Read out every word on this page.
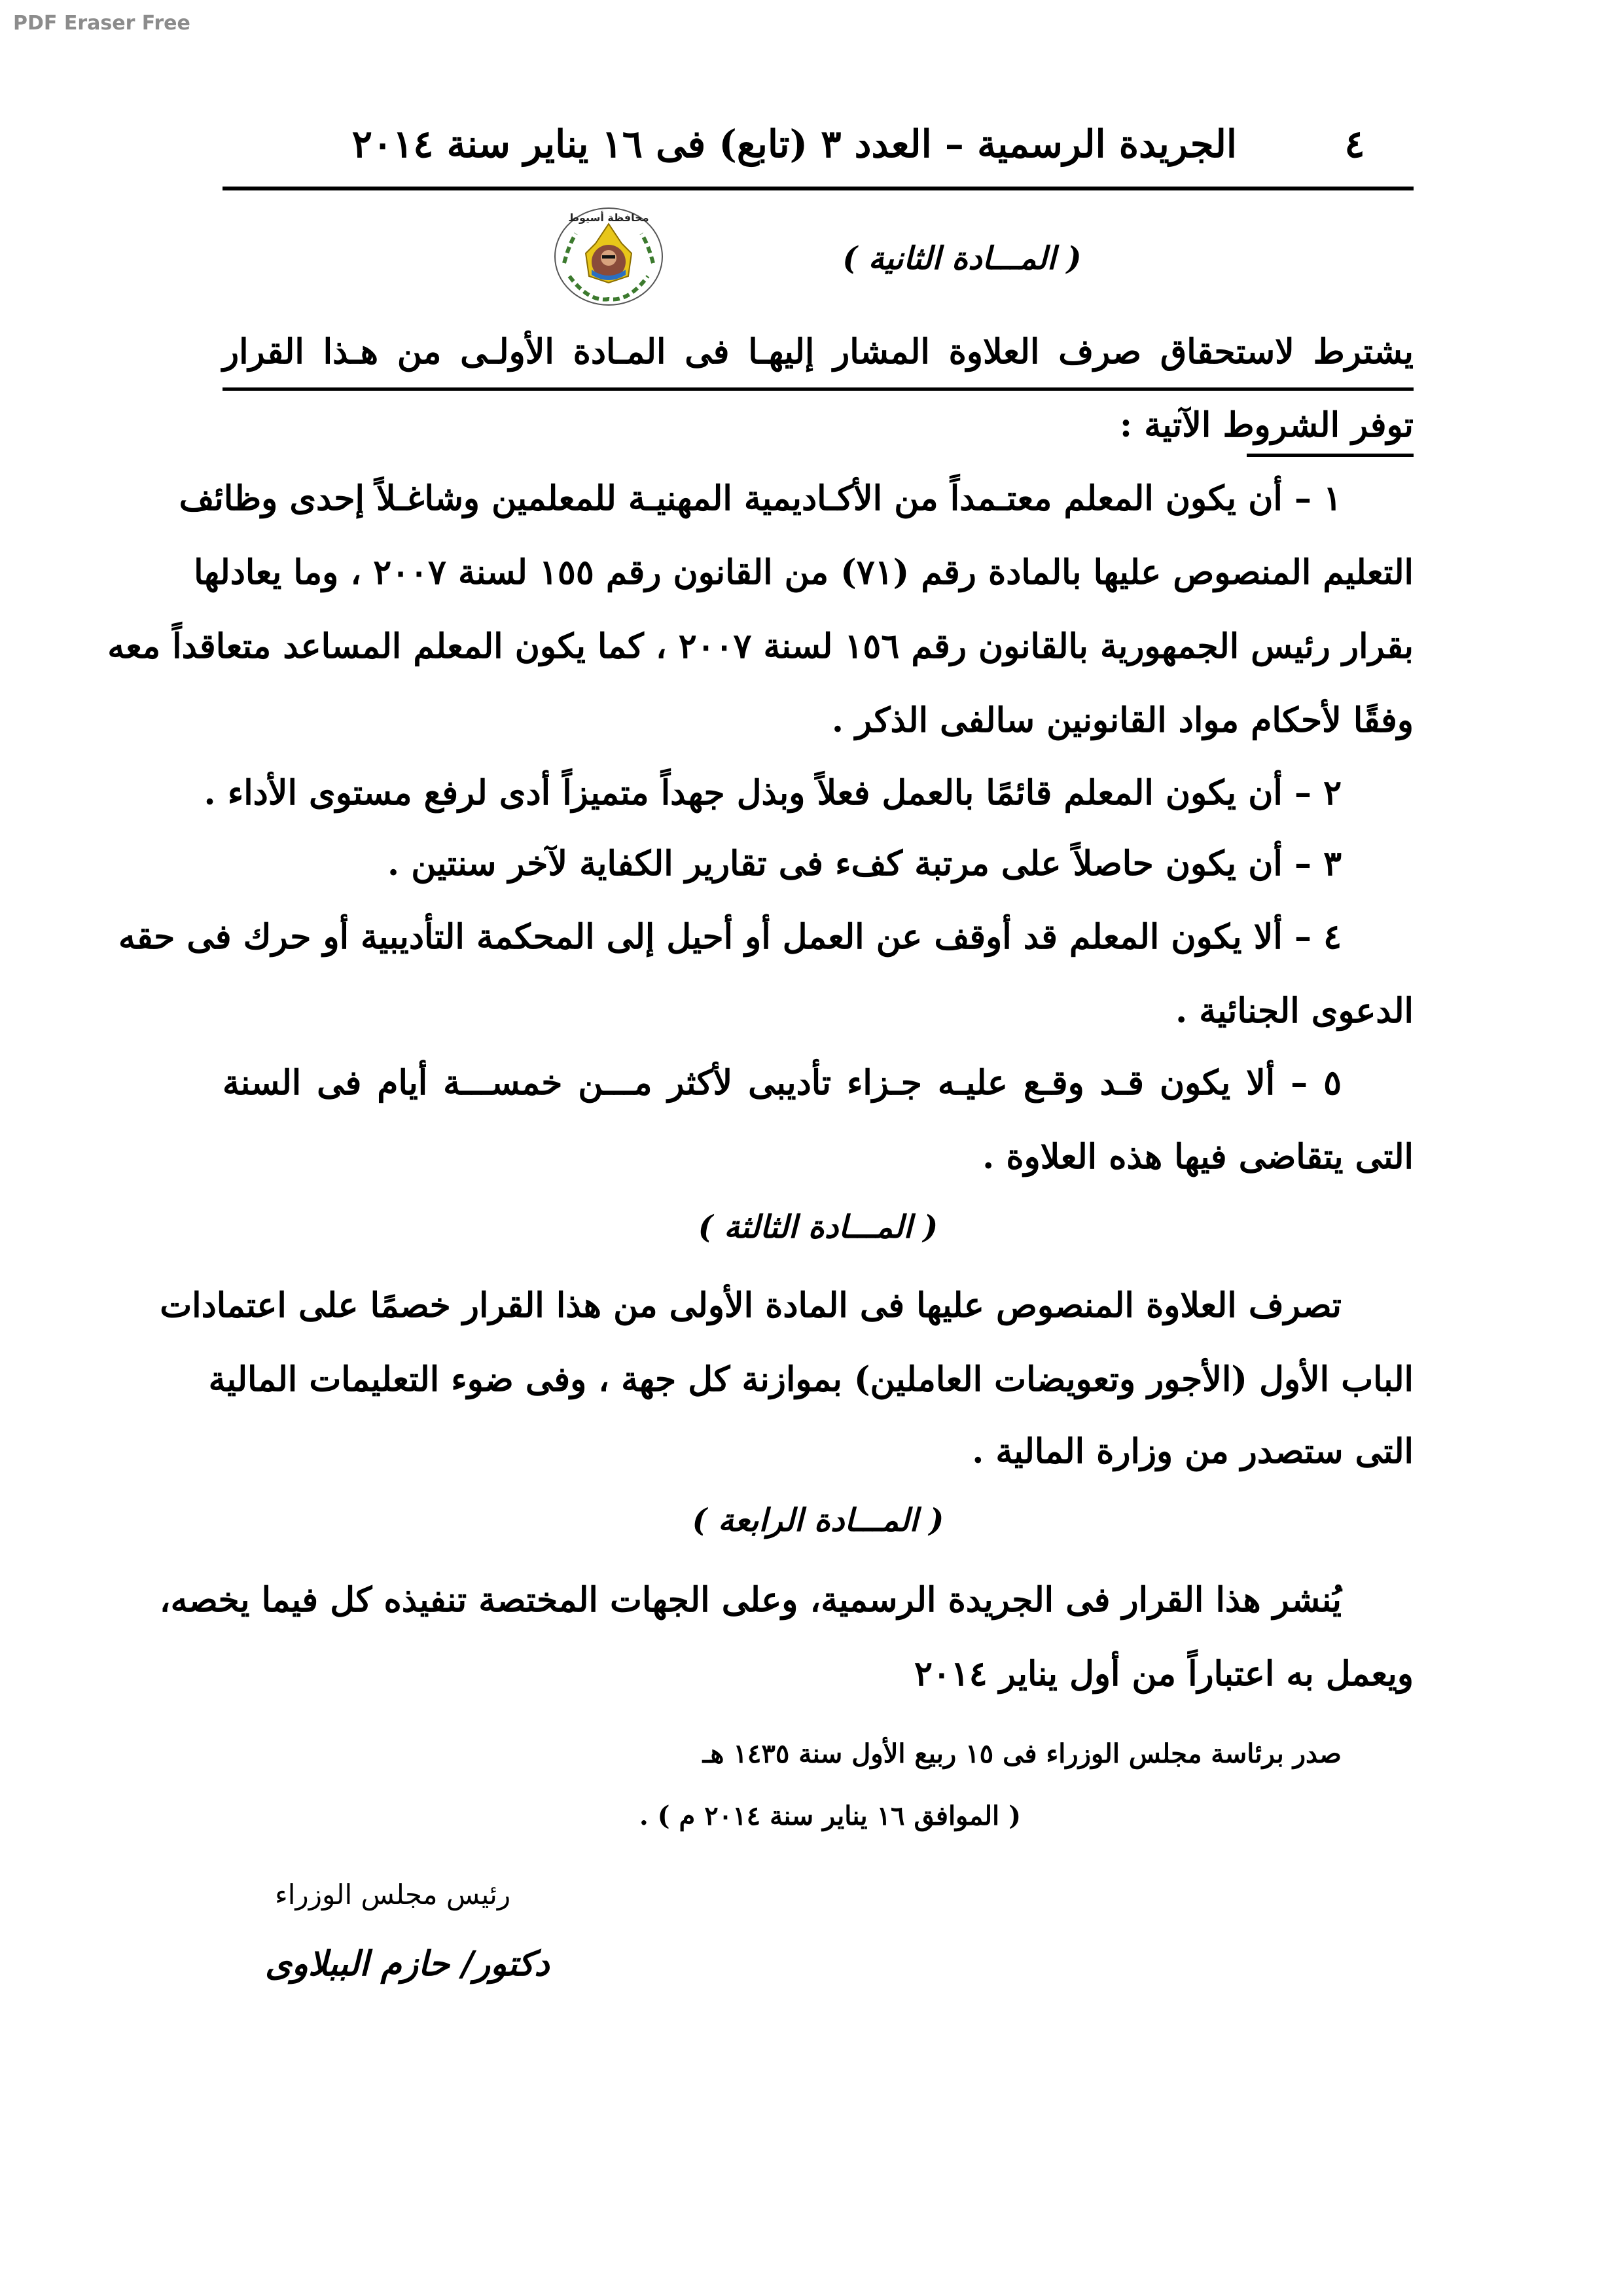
PDF Eraser Free
٤
الجريدة الرسمية – العدد ٣ (تابع) فى ١٦ يناير سنة ٢٠١٤
محافظة أسيوط
( المـــادة الثانية )
يشترط لاستحقاق صرف العلاوة المشار إليهـا فى المـادة الأولـى من هـذا القرار
توفر الشروط الآتية :
١ – أن يكون المعلم معتـمداً من الأكـاديمية المهنيـة للمعلمين وشاغـلاً إحدى وظائف
التعليم المنصوص عليها بالمادة رقم (٧١) من القانون رقم ١٥٥ لسنة ٢٠٠٧ ، وما يعادلها
بقرار رئيس الجمهورية بالقانون رقم ١٥٦ لسنة ٢٠٠٧ ، كما يكون المعلم المساعد متعاقداً معه
وفقًا لأحكام مواد القانونين سالفى الذكر .
٢ – أن يكون المعلم قائمًا بالعمل فعلاً وبذل جهداً متميزاً أدى لرفع مستوى الأداء .
٣ – أن يكون حاصلاً على مرتبة كفء فى تقارير الكفاية لآخر سنتين .
٤ – ألا يكون المعلم قد أوقف عن العمل أو أحيل إلى المحكمة التأديبية أو حرك فى حقه
الدعوى الجنائية .
٥ – ألا يكون قـد وقـع عليـه جـزاء تأديبى لأكثر مـــن خمســـة أيام فى السنة
التى يتقاضى فيها هذه العلاوة .
( المـــادة الثالثة )
تصرف العلاوة المنصوص عليها فى المادة الأولى من هذا القرار خصمًا على اعتمادات
الباب الأول (الأجور وتعويضات العاملين) بموازنة كل جهة ، وفى ضوء التعليمات المالية
التى ستصدر من وزارة المالية .
( المـــادة الرابعة )
يُنشر هذا القرار فى الجريدة الرسمية، وعلى الجهات المختصة تنفيذه كل فيما يخصه،
ويعمل به اعتباراً من أول يناير ٢٠١٤
صدر برئاسة مجلس الوزراء فى ١٥ ربيع الأول سنة ١٤٣٥ هـ
( الموافق ١٦ يناير سنة ٢٠١٤ م ) .
رئيس مجلس الوزراء
دكتور/ حازم الببلاوى
